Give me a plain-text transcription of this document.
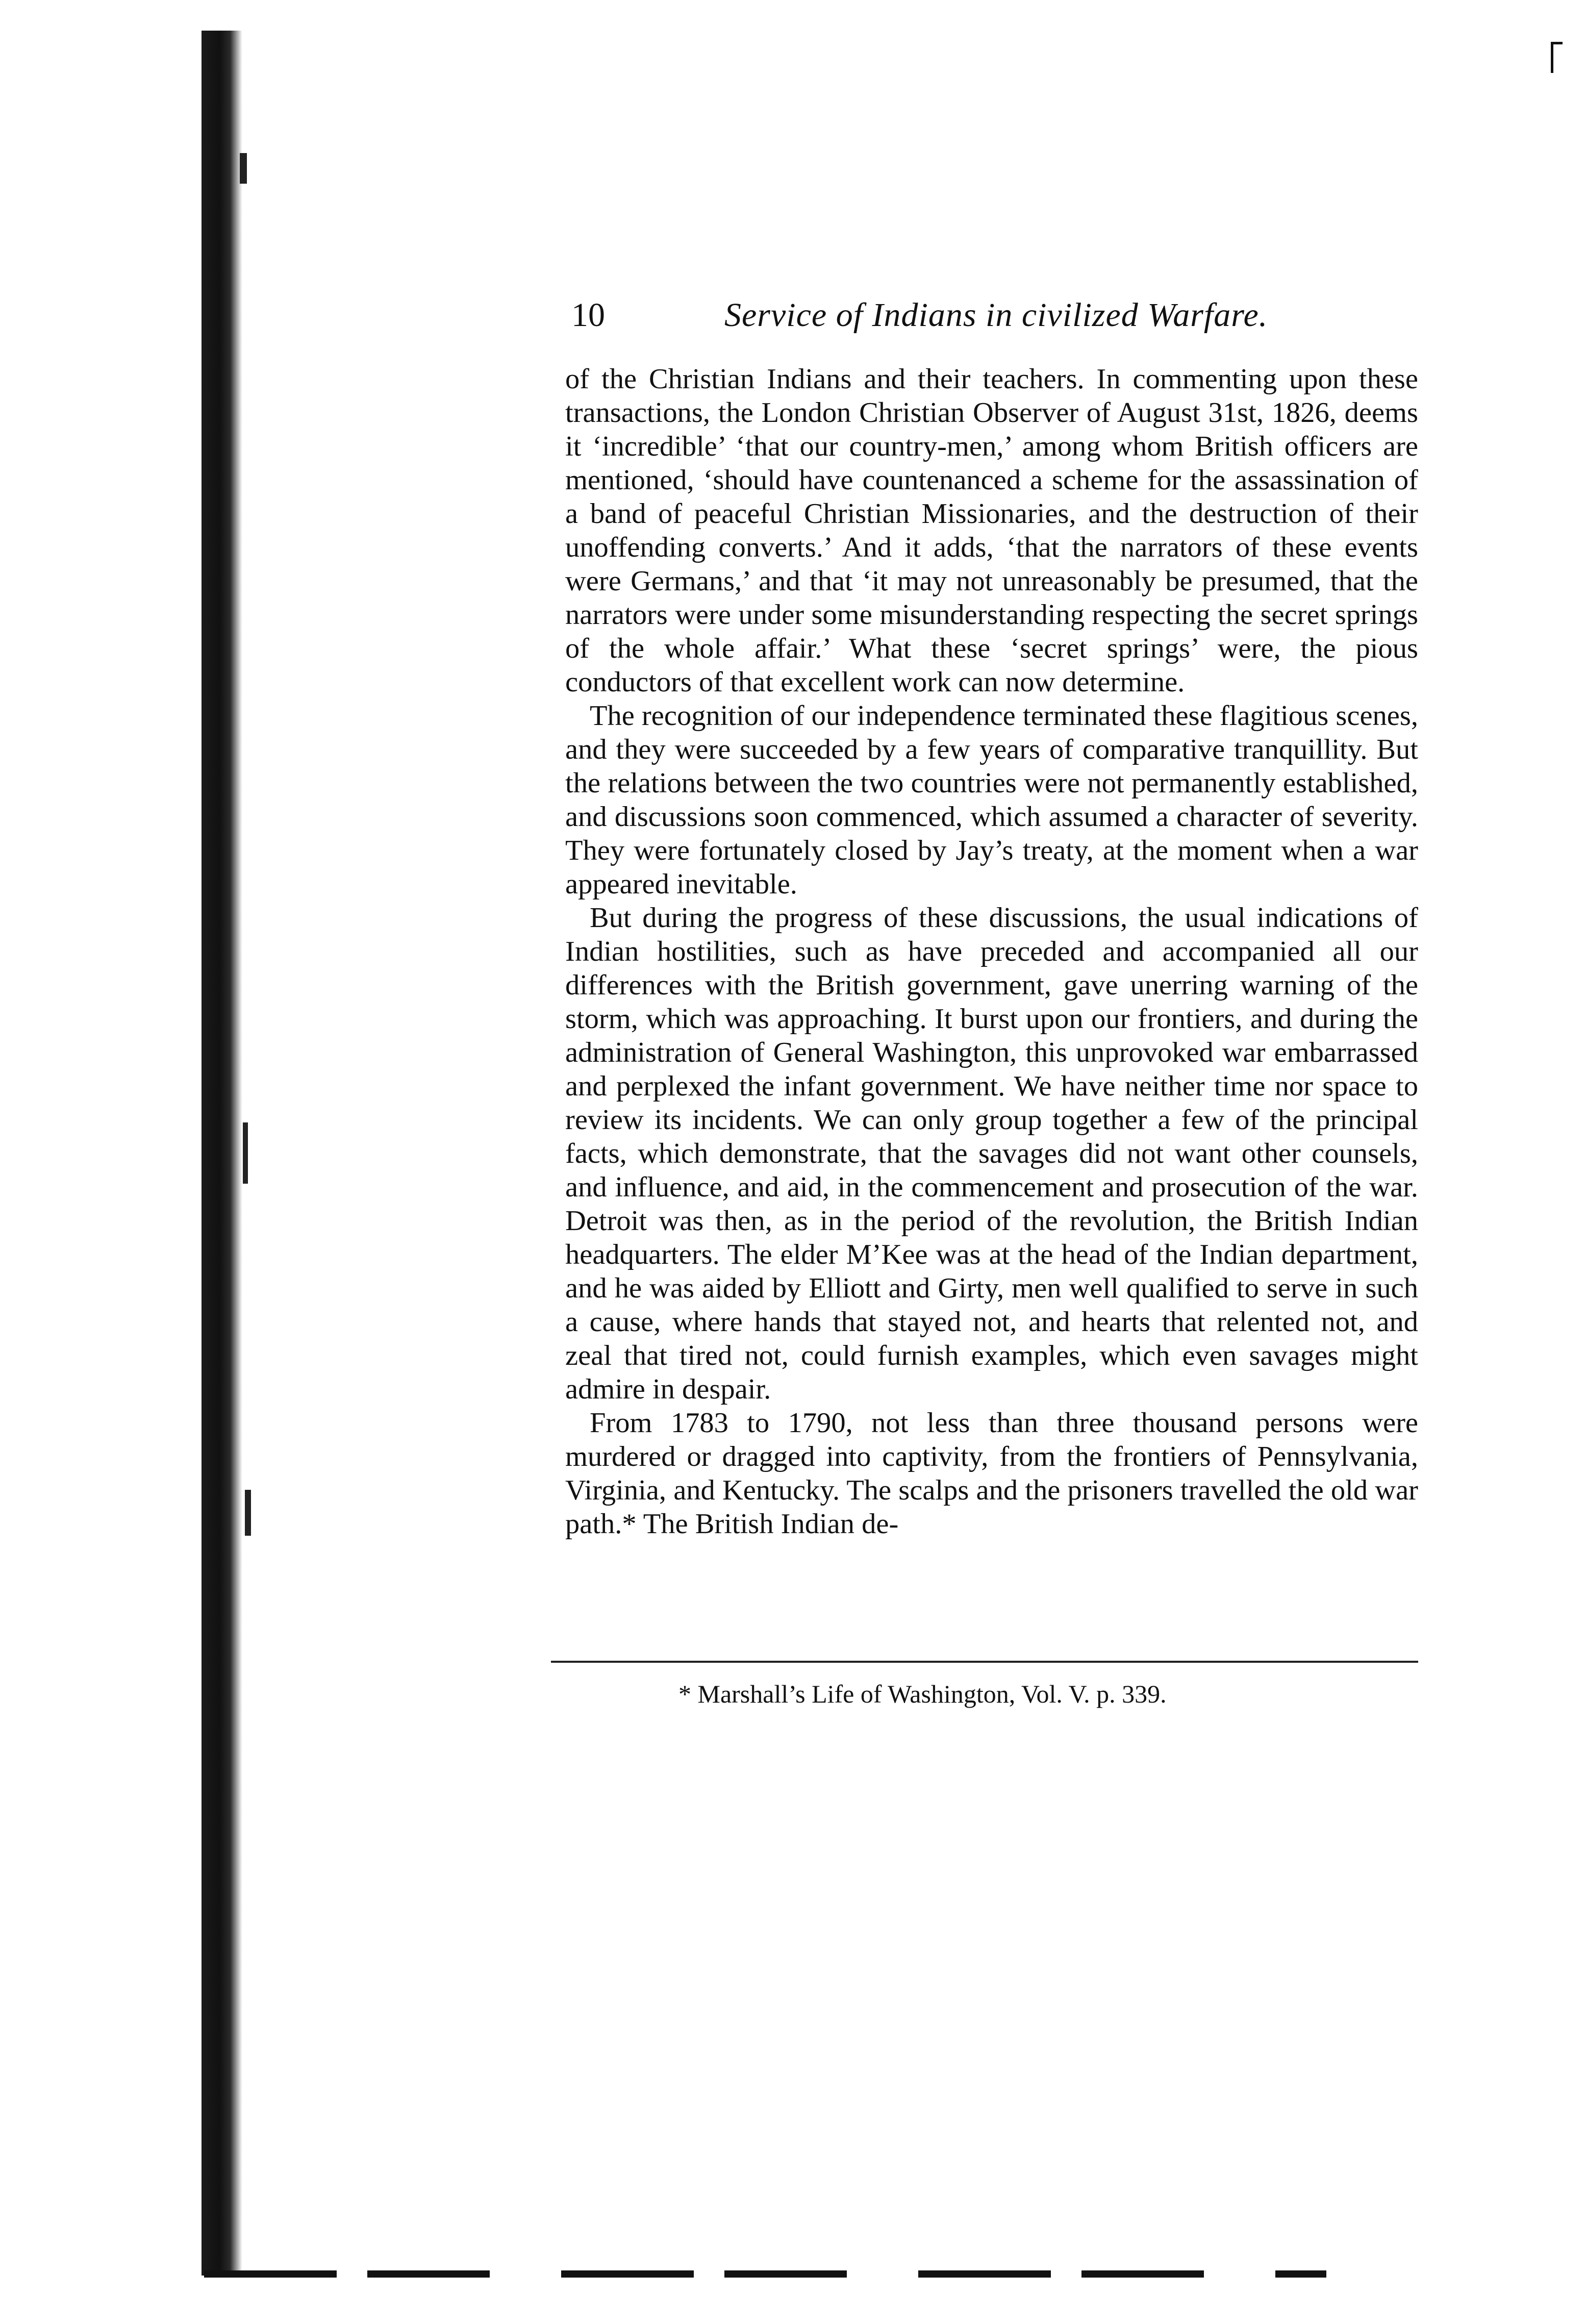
10	Service of Indians in civilized Warfare.

of the Christian Indians and their teachers. In commenting upon these transactions, the London Christian Observer of August 31st, 1826, deems it ‘incredible’ ‘that our country-men,’ among whom British officers are mentioned, ‘should have countenanced a scheme for the assassination of a band of peaceful Christian Missionaries, and the destruction of their unoffending converts.’ And it adds, ‘that the narrators of these events were Germans,’ and that ‘it may not unreasonably be presumed, that the narrators were under some misunderstanding respecting the secret springs of the whole affair.’ What these ‘secret springs’ were, the pious conductors of that excellent work can now determine.

The recognition of our independence terminated these flagitious scenes, and they were succeeded by a few years of comparative tranquillity. But the relations between the two countries were not permanently established, and discussions soon commenced, which assumed a character of severity. They were fortunately closed by Jay’s treaty, at the moment when a war appeared inevitable.

But during the progress of these discussions, the usual indications of Indian hostilities, such as have preceded and accompanied all our differences with the British government, gave unerring warning of the storm, which was approaching. It burst upon our frontiers, and during the administration of General Washington, this unprovoked war embarrassed and perplexed the infant government. We have neither time nor space to review its incidents. We can only group together a few of the principal facts, which demonstrate, that the savages did not want other counsels, and influence, and aid, in the commencement and prosecution of the war. Detroit was then, as in the period of the revolution, the British Indian headquarters. The elder M’Kee was at the head of the Indian department, and he was aided by Elliott and Girty, men well qualified to serve in such a cause, where hands that stayed not, and hearts that relented not, and zeal that tired not, could furnish examples, which even savages might admire in despair.

From 1783 to 1790, not less than three thousand persons were murdered or dragged into captivity, from the frontiers of Pennsylvania, Virginia, and Kentucky. The scalps and the prisoners travelled the old war path.* The British Indian de-

* Marshall’s Life of Washington, Vol. V. p. 339.
